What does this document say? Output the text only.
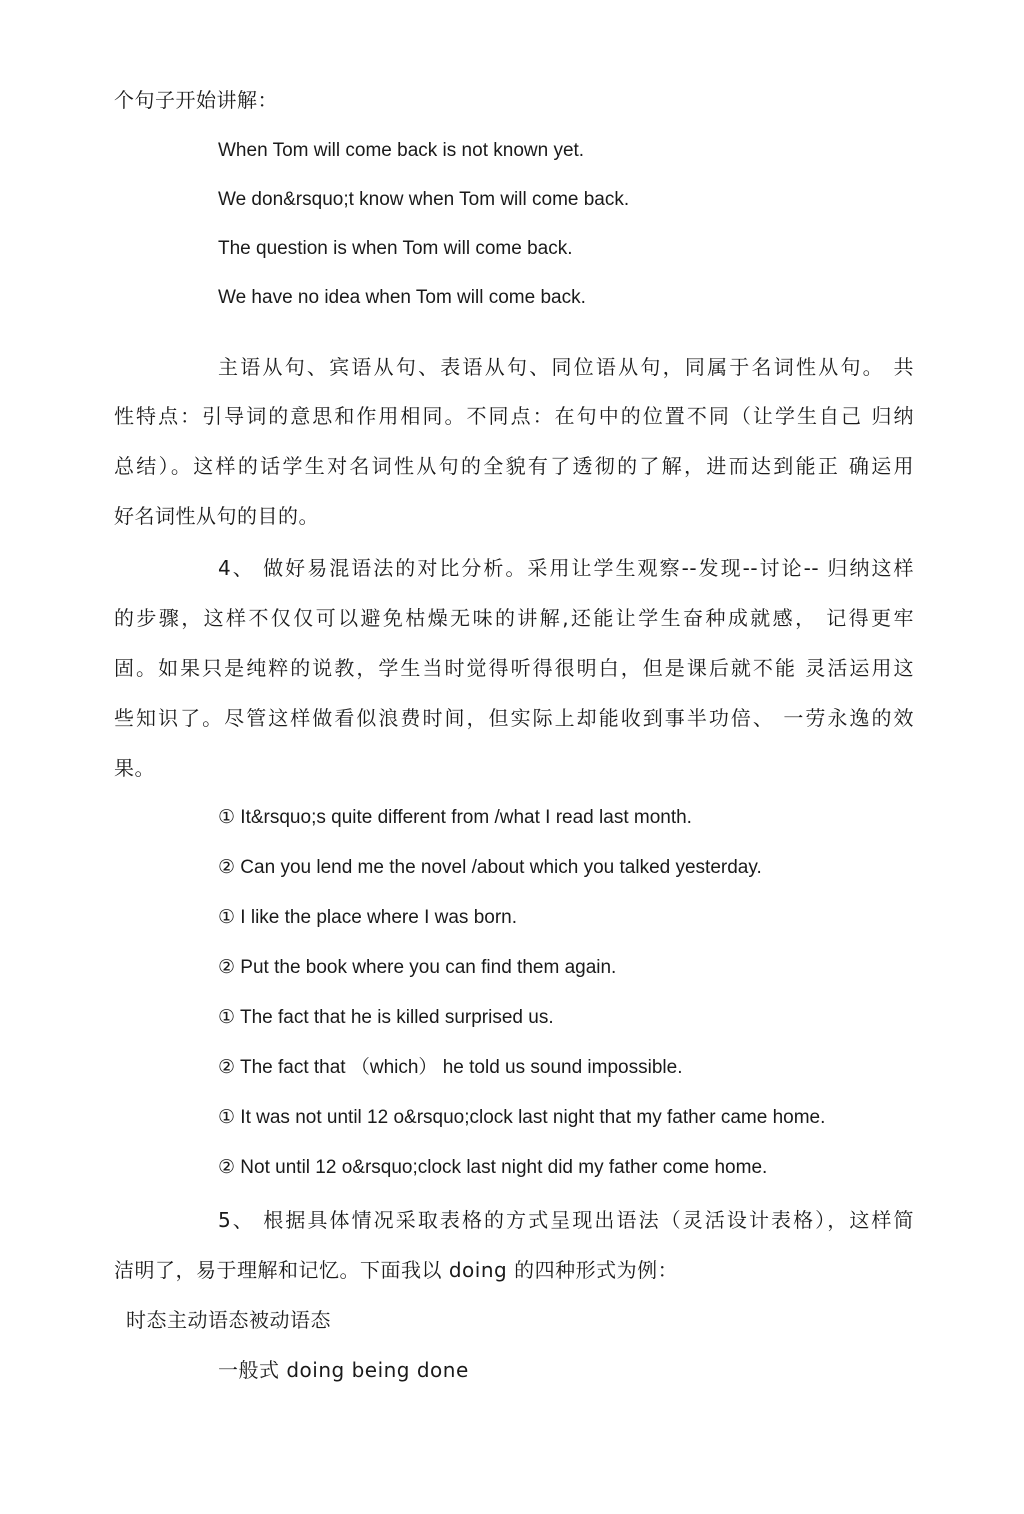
个句子开始讲解：
When Tom will come back is not known yet.
We don&rsquo;t know when Tom will come back.
The question is when Tom will come back.
We have no idea when Tom will come back.
主语从句、宾语从句、表语从句、同位语从句，同属于名词性从句。 共
性特点：引导词的意思和作用相同。不同点：在句中的位置不同（让学生自己 归纳
总结）。这样的话学生对名词性从句的全貌有了透彻的了解，进而达到能正 确运用
好名词性从句的目的。
4、 做好易混语法的对比分析。采用让学生观察--发现--讨论-- 归纳这样
的步骤，这样不仅仅可以避免枯燥无味的讲解,还能让学生奋种成就感， 记得更牢
固。如果只是纯粹的说教，学生当时觉得听得很明白，但是课后就不能 灵活运用这
些知识了。尽管这样做看似浪费时间，但实际上却能收到事半功倍、 一劳永逸的效
果。
① It&rsquo;s quite different from /what I read last month.
② Can you lend me the novel /about which you talked yesterday.
① I like the place where I was born.
② Put the book where you can find them again.
① The fact that he is killed surprised us.
② The fact that （which） he told us sound impossible.
① It was not until 12 o&rsquo;clock last night that my father came home.
② Not until 12 o&rsquo;clock last night did my father come home.
5、 根据具体情况采取表格的方式呈现出语法（灵活设计表格），这样简
洁明了，易于理解和记忆。下面我以 doing 的四种形式为例：
时态主动语态被动语态
一般式 doing being done
